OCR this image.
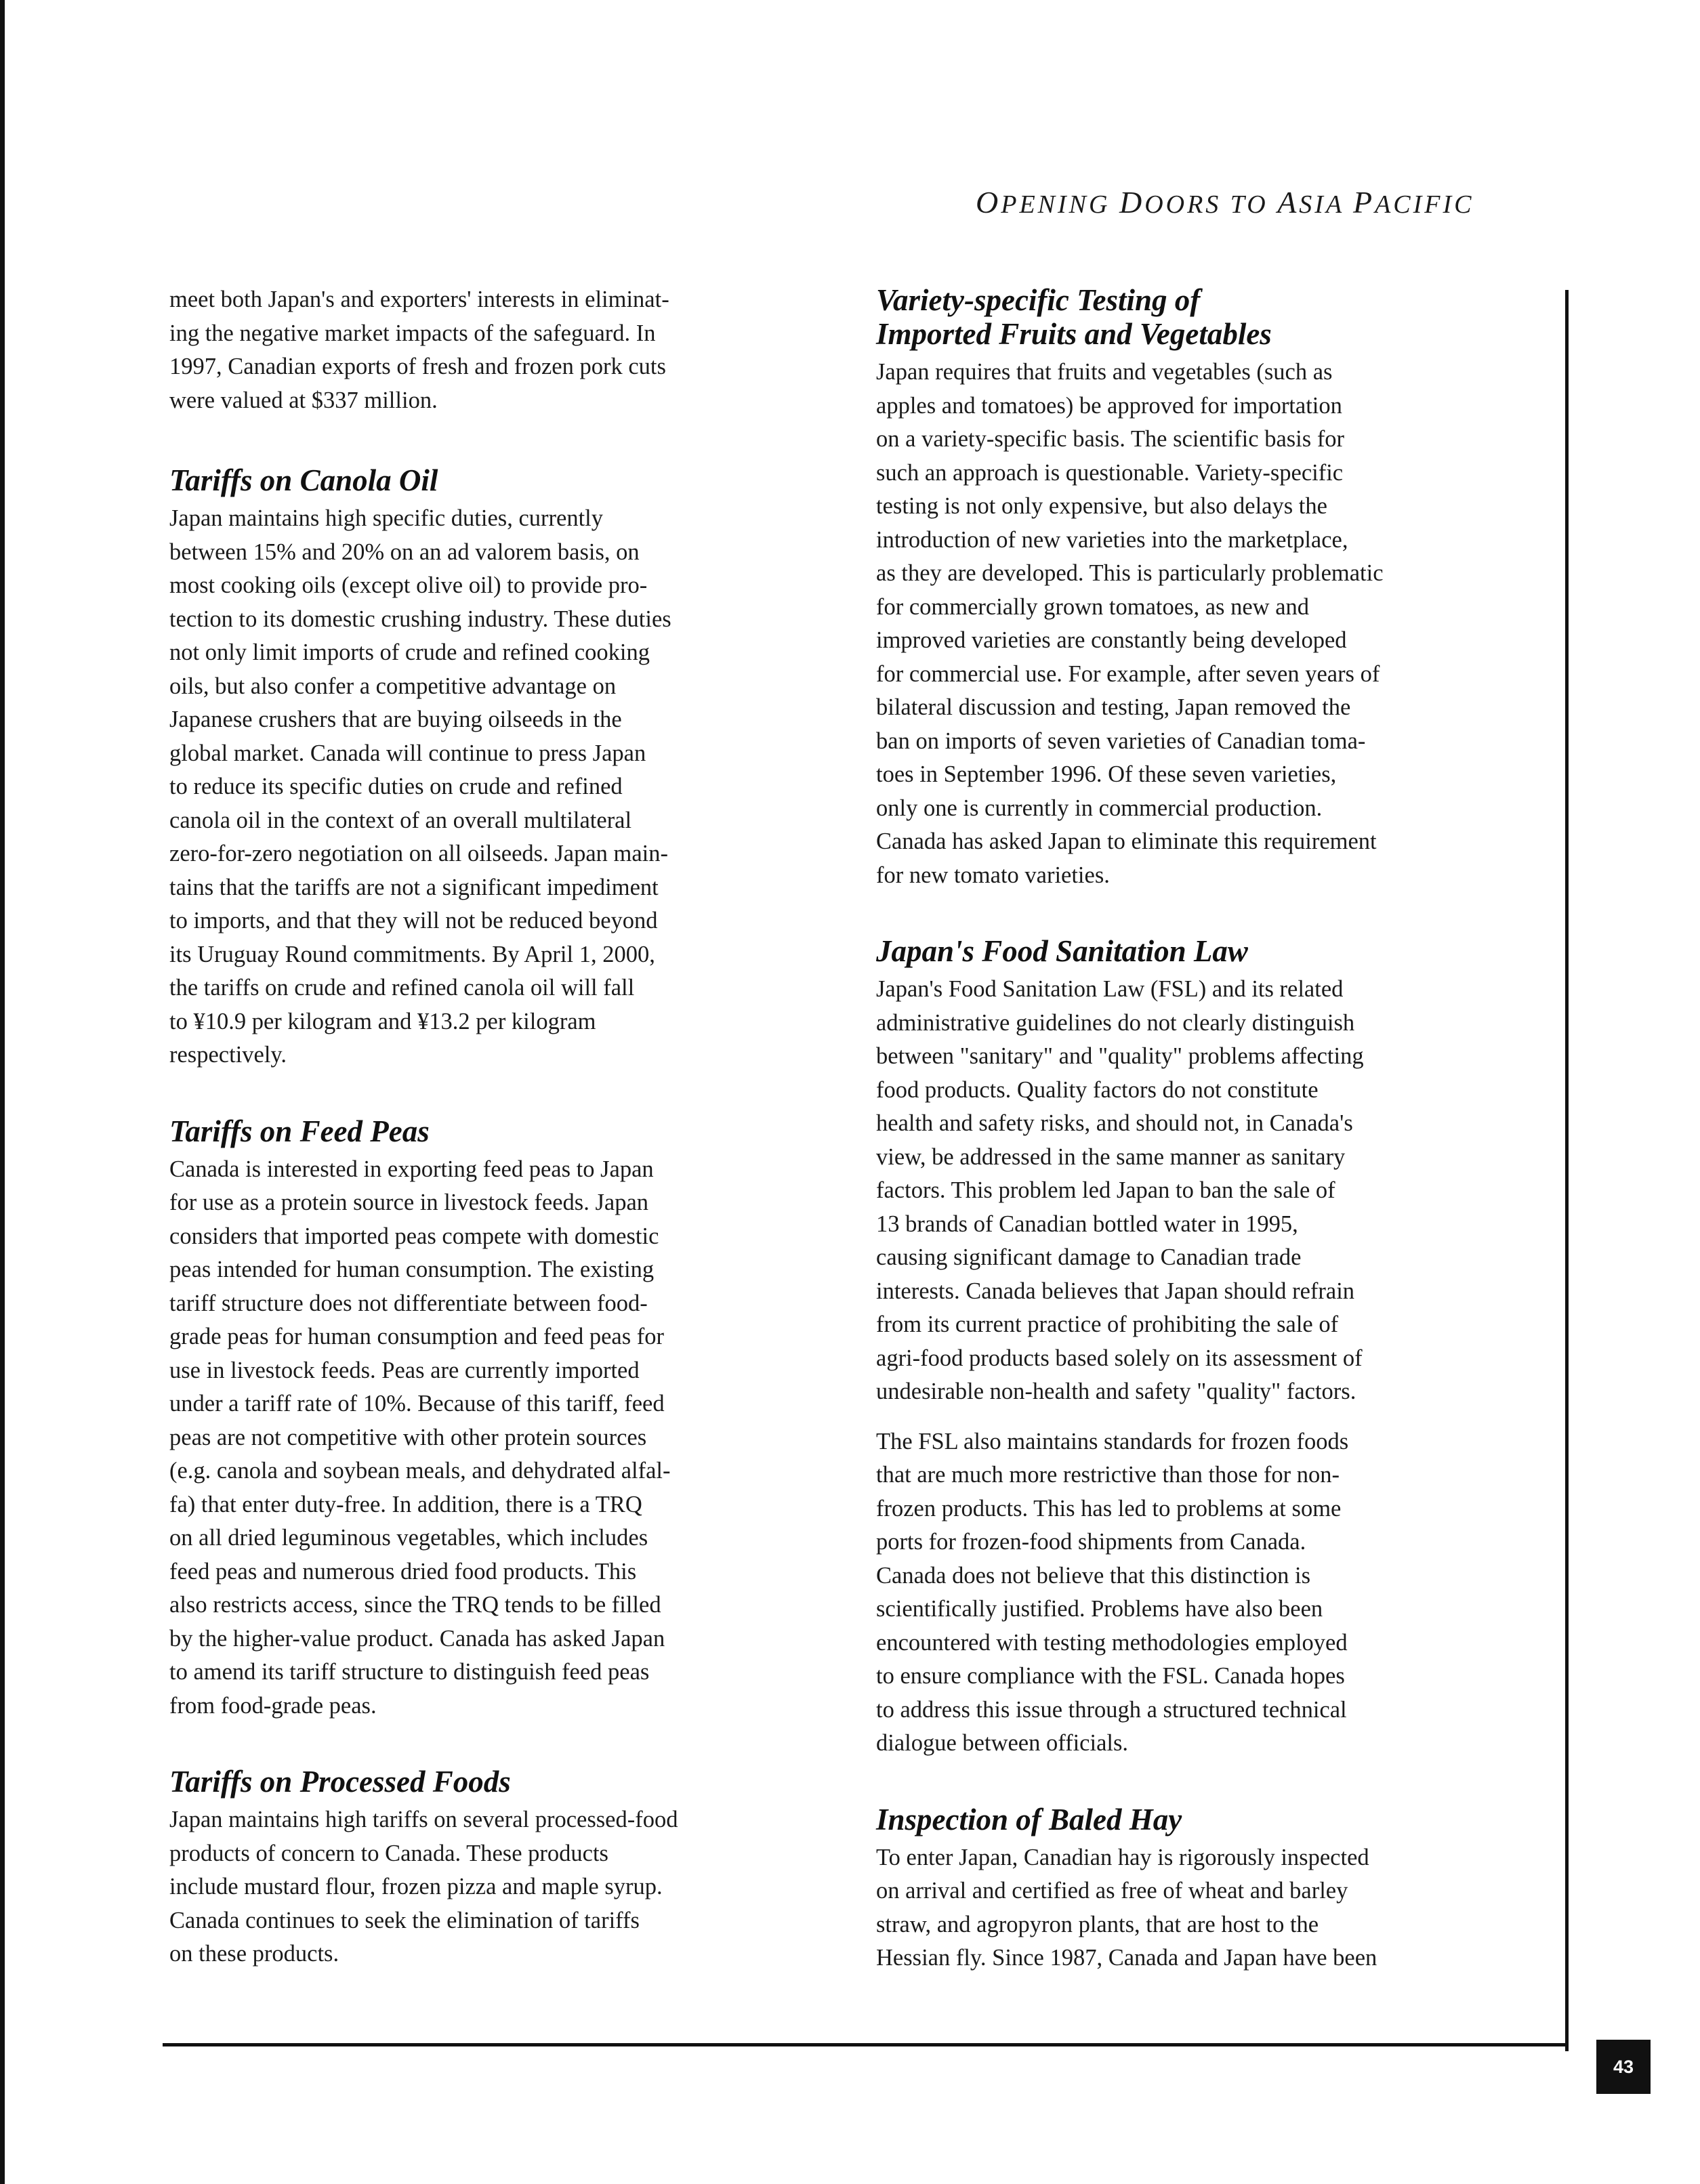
OPENING DOORS TO ASIA PACIFIC

meet both Japan's and exporters' interests in eliminat-
ing the negative market impacts of the safeguard. In
1997, Canadian exports of fresh and frozen pork cuts
were valued at $337 million.

Tariffs on Canola Oil

Japan maintains high specific duties, currently
between 15% and 20% on an ad valorem basis, on
most cooking oils (except olive oil) to provide pro-
tection to its domestic crushing industry. These duties
not only limit imports of crude and refined cooking
oils, but also confer a competitive advantage on
Japanese crushers that are buying oilseeds in the
global market. Canada will continue to press Japan
to reduce its specific duties on crude and refined
canola oil in the context of an overall multilateral
zero-for-zero negotiation on all oilseeds. Japan main-
tains that the tariffs are not a significant impediment
to imports, and that they will not be reduced beyond
its Uruguay Round commitments. By April 1, 2000,
the tariffs on crude and refined canola oil will fall
to ¥10.9 per kilogram and ¥13.2 per kilogram
respectively.

Tariffs on Feed Peas

Canada is interested in exporting feed peas to Japan
for use as a protein source in livestock feeds. Japan
considers that imported peas compete with domestic
peas intended for human consumption. The existing
tariff structure does not differentiate between food-
grade peas for human consumption and feed peas for
use in livestock feeds. Peas are currently imported
under a tariff rate of 10%. Because of this tariff, feed
peas are not competitive with other protein sources
(e.g. canola and soybean meals, and dehydrated alfal-
fa) that enter duty-free. In addition, there is a TRQ
on all dried leguminous vegetables, which includes
feed peas and numerous dried food products. This
also restricts access, since the TRQ tends to be filled
by the higher-value product. Canada has asked Japan
to amend its tariff structure to distinguish feed peas
from food-grade peas.

Tariffs on Processed Foods

Japan maintains high tariffs on several processed-food
products of concern to Canada. These products
include mustard flour, frozen pizza and maple syrup.
Canada continues to seek the elimination of tariffs
on these products.

Variety-specific Testing of
Imported Fruits and Vegetables

Japan requires that fruits and vegetables (such as
apples and tomatoes) be approved for importation
on a variety-specific basis. The scientific basis for
such an approach is questionable. Variety-specific
testing is not only expensive, but also delays the
introduction of new varieties into the marketplace,
as they are developed. This is particularly problematic
for commercially grown tomatoes, as new and
improved varieties are constantly being developed
for commercial use. For example, after seven years of
bilateral discussion and testing, Japan removed the
ban on imports of seven varieties of Canadian toma-
toes in September 1996. Of these seven varieties,
only one is currently in commercial production.
Canada has asked Japan to eliminate this requirement
for new tomato varieties.

Japan's Food Sanitation Law

Japan's Food Sanitation Law (FSL) and its related
administrative guidelines do not clearly distinguish
between "sanitary" and "quality" problems affecting
food products. Quality factors do not constitute
health and safety risks, and should not, in Canada's
view, be addressed in the same manner as sanitary
factors. This problem led Japan to ban the sale of
13 brands of Canadian bottled water in 1995,
causing significant damage to Canadian trade
interests. Canada believes that Japan should refrain
from its current practice of prohibiting the sale of
agri-food products based solely on its assessment of
undesirable non-health and safety "quality" factors.

The FSL also maintains standards for frozen foods
that are much more restrictive than those for non-
frozen products. This has led to problems at some
ports for frozen-food shipments from Canada.
Canada does not believe that this distinction is
scientifically justified. Problems have also been
encountered with testing methodologies employed
to ensure compliance with the FSL. Canada hopes
to address this issue through a structured technical
dialogue between officials.

Inspection of Baled Hay

To enter Japan, Canadian hay is rigorously inspected
on arrival and certified as free of wheat and barley
straw, and agropyron plants, that are host to the
Hessian fly. Since 1987, Canada and Japan have been

43
